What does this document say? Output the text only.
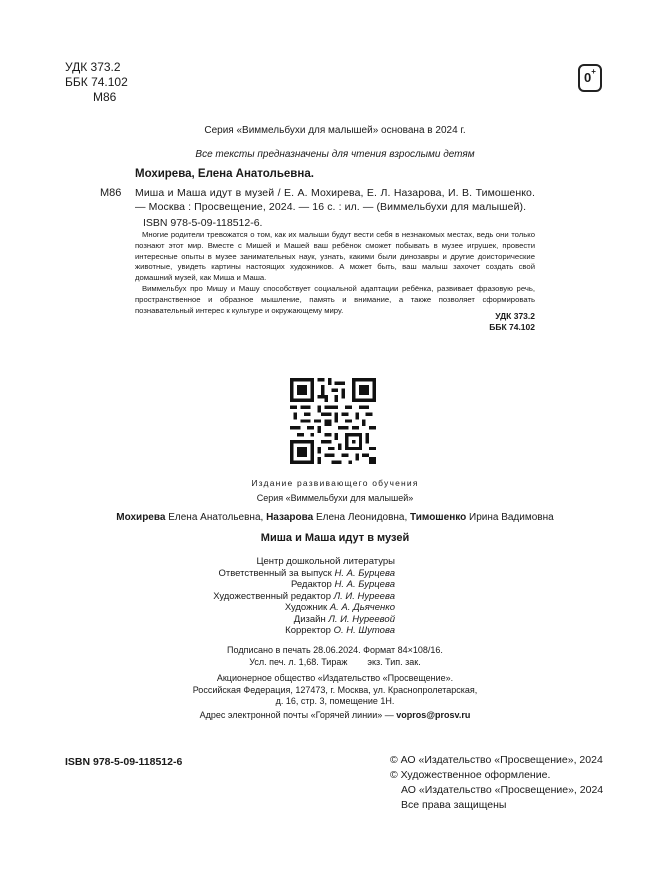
УДК 373.2
ББК 74.102
М86
0+
Серия «Виммельбухи для малышей» основана в 2024 г.
Все тексты предназначены для чтения взрослыми детям
Мохирева, Елена Анатольевна.
М86 Миша и Маша идут в музей / Е. А. Мохирева, Е. Л. Назарова, И. В. Тимошенко. — Москва : Просвещение, 2024. — 16 с. : ил. — (Виммельбухи для малышей).
ISBN 978-5-09-118512-6.

Многие родители тревожатся о том, как их малыши будут вести себя в незнакомых местах, ведь они только познают этот мир. Вместе с Мишей и Машей ваш ребёнок сможет побывать в музее игрушек, провести интересные опыты в музее занимательных наук, узнать, какими были динозавры и другие доисторические животные, увидеть картины настоящих художников. А может быть, ваш малыш захочет создать свой домашний музей, как Миша и Маша.

Виммельбух про Мишу и Машу способствует социальной адаптации ребёнка, развивает фразовую речь, пространственное и образное мышление, память и внимание, а также позволяет сформировать познавательный интерес к культуре и окружающему миру.

УДК 373.2
ББК 74.102
Издание развивающего обучения
Серия «Виммельбухи для малышей»
Мохирева Елена Анатольевна, Назарова Елена Леонидовна, Тимошенко Ирина Вадимовна
Миша и Маша идут в музей
Центр дошкольной литературы
Ответственный за выпуск Н. А. Бурцева
Редактор Н. А. Бурцева
Художественный редактор Л. И. Нуреева
Художник А. А. Дьяченко
Дизайн Л. И. Нуреевой
Корректор О. Н. Шутова
Подписано в печать 28.06.2024. Формат 84×108/16.
Усл. печ. л. 1,68. Тираж        экз. Тип. зак.
Акционерное общество «Издательство «Просвещение».
Российская Федерация, 127473, г. Москва, ул. Краснопролетарская,
д. 16, стр. 3, помещение 1Н.
Адрес электронной почты «Горячей линии» — vopros@prosv.ru
ISBN 978-5-09-118512-6	© АО «Издательство «Просвещение», 2024
© Художественное оформление.
АО «Издательство «Просвещение», 2024
Все права защищены
